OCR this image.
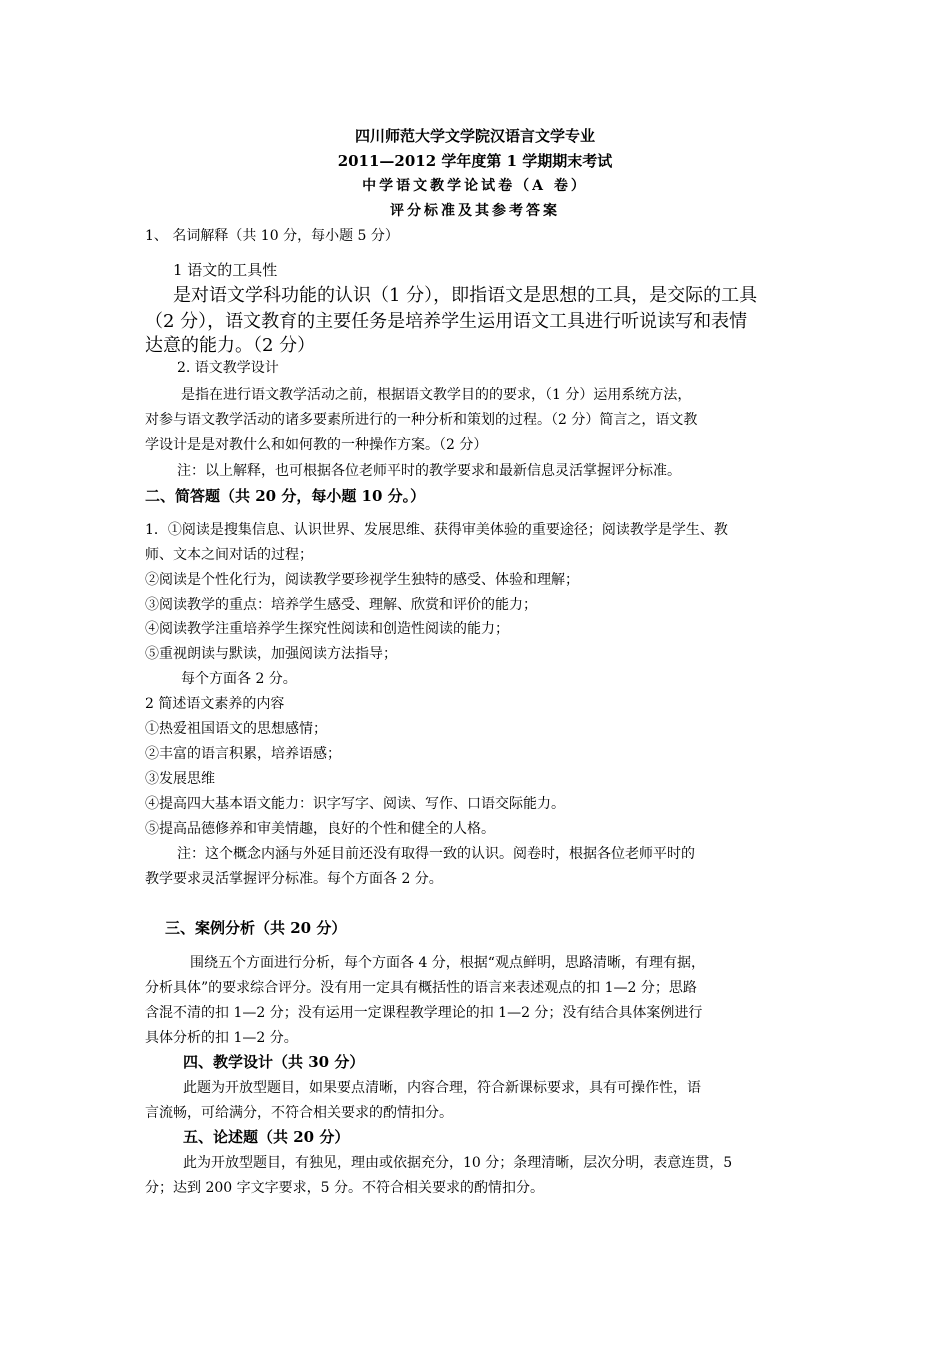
四川师范大学文学院汉语言文学专业
2011—2012 学年度第 1 学期期末考试
中学语文教学论试卷（A 卷）
评分标准及其参考答案
1、 名词解释（共 10 分，每小题 5 分）
1 语文的工具性
是对语文学科功能的认识（1 分），即指语文是思想的工具，是交际的工具
（2 分），语文教育的主要任务是培养学生运用语文工具进行听说读写和表情
达意的能力。（2 分）
2. 语文教学设计
是指在进行语文教学活动之前，根据语文教学目的的要求，（1 分）运用系统方法，
对参与语文教学活动的诸多要素所进行的一种分析和策划的过程。（2 分）简言之，语文教
学设计是是对教什么和如何教的一种操作方案。（2 分）
注：以上解释，也可根据各位老师平时的教学要求和最新信息灵活掌握评分标准。
二、简答题（共 20 分，每小题 10 分。）
1．①阅读是搜集信息、认识世界、发展思维、获得审美体验的重要途径；阅读教学是学生、教
师、文本之间对话的过程；
②阅读是个性化行为，阅读教学要珍视学生独特的感受、体验和理解；
③阅读教学的重点：培养学生感受、理解、欣赏和评价的能力；
④阅读教学注重培养学生探究性阅读和创造性阅读的能力；
⑤重视朗读与默读，加强阅读方法指导；
每个方面各 2 分。
2 简述语文素养的内容
①热爱祖国语文的思想感情；
②丰富的语言积累，培养语感；
③发展思维
④提高四大基本语文能力：识字写字、阅读、写作、口语交际能力。
⑤提高品德修养和审美情趣，良好的个性和健全的人格。
注：这个概念内涵与外延目前还没有取得一致的认识。阅卷时，根据各位老师平时的
教学要求灵活掌握评分标准。每个方面各 2 分。
三、案例分析（共 20 分）
围绕五个方面进行分析，每个方面各 4 分，根据“观点鲜明，思路清晰，有理有据，
分析具体”的要求综合评分。没有用一定具有概括性的语言来表述观点的扣 1—2 分；思路
含混不清的扣 1—2 分；没有运用一定课程教学理论的扣 1—2 分；没有结合具体案例进行
具体分析的扣 1—2 分。
四、教学设计（共 30 分）
此题为开放型题目，如果要点清晰，内容合理，符合新课标要求，具有可操作性，语
言流畅，可给满分，不符合相关要求的酌情扣分。
五、论述题（共 20 分）
此为开放型题目，有独见，理由或依据充分，10 分；条理清晰，层次分明，表意连贯，5
分；达到 200 字文字要求，5 分。不符合相关要求的酌情扣分。
